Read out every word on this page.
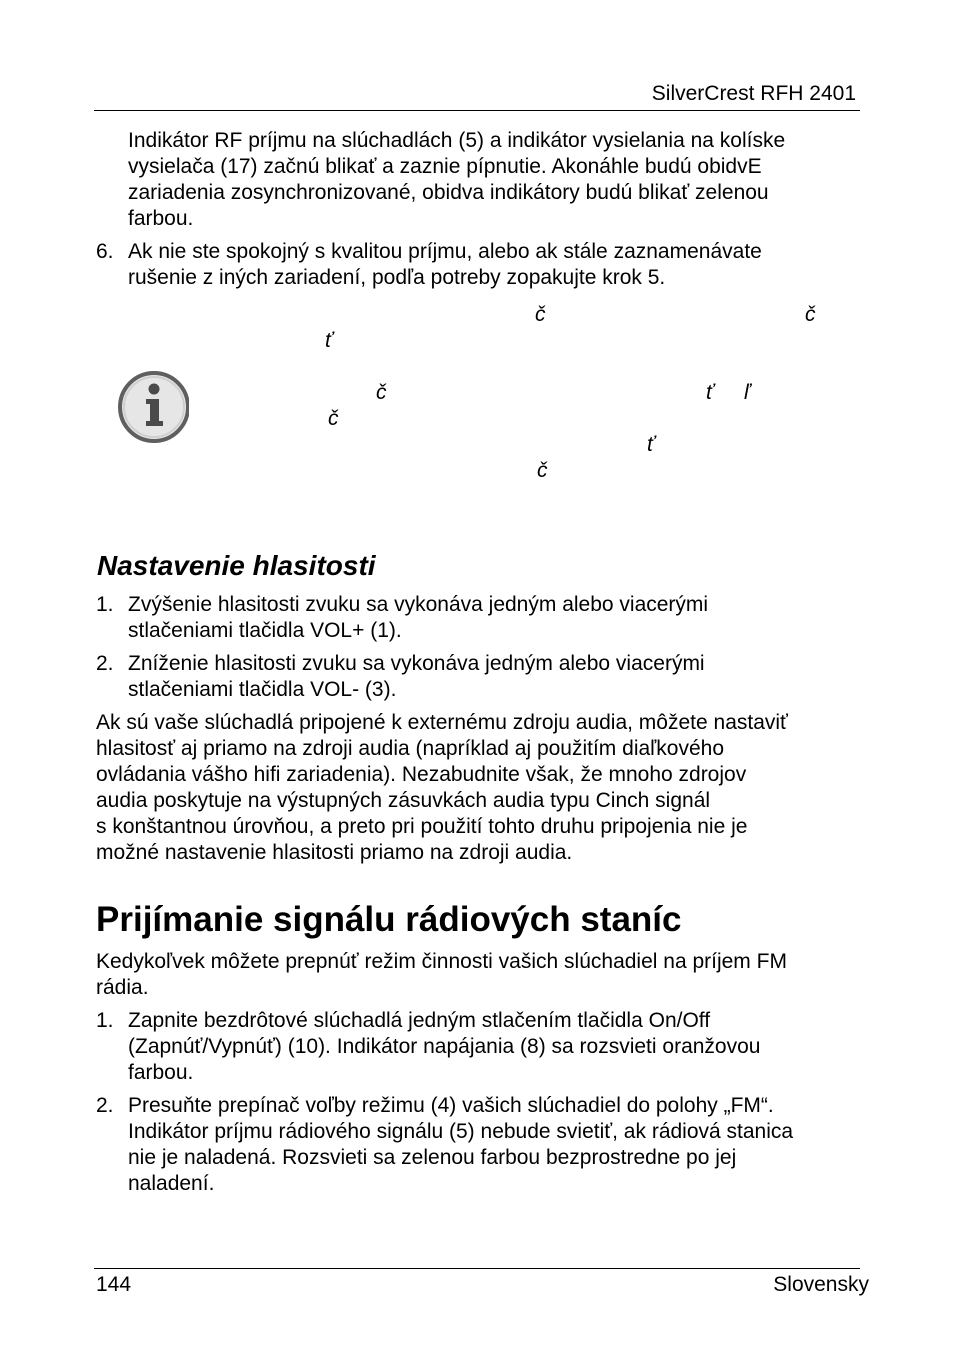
SilverCrest RFH 2401
Indikátor RF príjmu na slúchadlách (5) a indikátor vysielania na kolíske
vysielača (17) začnú blikať a zaznie pípnutie. Akonáhle budú obidvE
zariadenia zosynchronizované, obidva indikátory budú blikať zelenou
farbou.
6. Ak nie ste spokojný s kvalitou príjmu, alebo ak stále zaznamenávate
rušenie z iných zariadení, podľa potreby zopakujte krok 5.
č	č
ť
č	ť ľ
č
ť
č
Nastavenie hlasitosti
1. Zvýšenie hlasitosti zvuku sa vykonáva jedným alebo viacerými
stlačeniami tlačidla VOL+ (1).
2. Zníženie hlasitosti zvuku sa vykonáva jedným alebo viacerými
stlačeniami tlačidla VOL- (3).
Ak sú vaše slúchadlá pripojené k externému zdroju audia, môžete nastaviť
hlasitosť aj priamo na zdroji audia (napríklad aj použitím diaľkového
ovládania vášho hifi zariadenia). Nezabudnite však, že mnoho zdrojov
audia poskytuje na výstupných zásuvkách audia typu Cinch signál
s konštantnou úrovňou, a preto pri použití tohto druhu pripojenia nie je
možné nastavenie hlasitosti priamo na zdroji audia.
Prijímanie signálu rádiových staníc
Kedykoľvek môžete prepnúť režim činnosti vašich slúchadiel na príjem FM
rádia.
1. Zapnite bezdrôtové slúchadlá jedným stlačením tlačidla On/Off
(Zapnúť/Vypnúť) (10). Indikátor napájania (8) sa rozsvieti oranžovou
farbou.
2. Presuňte prepínač voľby režimu (4) vašich slúchadiel do polohy „FM“.
Indikátor príjmu rádiového signálu (5) nebude svietiť, ak rádiová stanica
nie je naladená. Rozsvieti sa zelenou farbou bezprostredne po jej
naladení.
144	Slovensky
